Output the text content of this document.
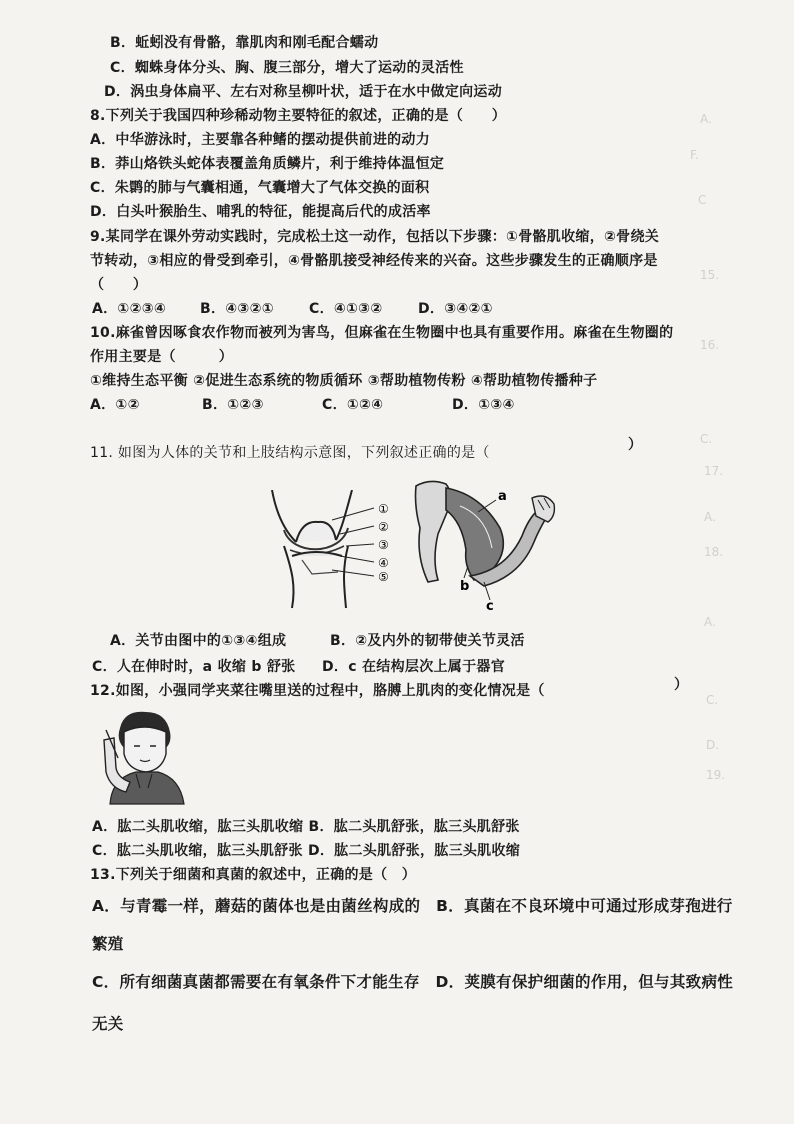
A.
F.
C
15.
16.
C.
17.
A.
18.
A.
C.
D.
19.
B．蚯蚓没有骨骼，靠肌肉和刚毛配合蠕动
C．蜘蛛身体分头、胸、腹三部分，增大了运动的灵活性
D．涡虫身体扁平、左右对称呈柳叶状，适于在水中做定向运动
8.下列关于我国四种珍稀动物主要特征的叙述，正确的是（　　）
A．中华游泳时，主要靠各种鳍的摆动提供前进的动力
B．莽山烙铁头蛇体表覆盖角质鳞片，利于维持体温恒定
C．朱鹮的肺与气囊相通，气囊增大了气体交换的面积
D．白头叶猴胎生、哺乳的特征，能提高后代的成活率
9.某同学在课外劳动实践时，完成松土这一动作，包括以下步骤：①骨骼肌收缩，②骨绕关
节转动，③相应的骨受到牵引，④骨骼肌接受神经传来的兴奋。这些步骤发生的正确顺序是
（　　）
A．①②③④ B．④③②①	C．④①③②	D．③④②①
10.麻雀曾因啄食农作物而被列为害鸟，但麻雀在生物圈中也具有重要作用。麻雀在生物圈的
作用主要是（　　　）
①维持生态平衡 ②促进生态系统的物质循环 ③帮助植物传粉 ④帮助植物传播种子
A．①②	B．①②③	C．①②④	D．①③④
11. 如图为人体的关节和上肢结构示意图，下列叙述正确的是（	）
①
②
③
④
⑤
a
b
c
A．关节由图中的①③④组成	B．②及内外的韧带使关节灵活
C．人在伸时时，a 收缩 b 舒张 D．c 在结构层次上属于器官
12.如图，小强同学夹菜往嘴里送的过程中，胳膊上肌肉的变化情况是（	）
A．肱二头肌收缩，肱三头肌收缩 B．肱二头肌舒张，肱三头肌舒张
C．肱二头肌收缩，肱三头肌舒张 D．肱二头肌舒张，肱三头肌收缩
13.下列关于细菌和真菌的叙述中，正确的是（　）
A．与青霉一样，蘑菇的菌体也是由菌丝构成的　B．真菌在不良环境中可通过形成芽孢进行
繁殖
C．所有细菌真菌都需要在有氧条件下才能生存　D．荚膜有保护细菌的作用，但与其致病性
无关
